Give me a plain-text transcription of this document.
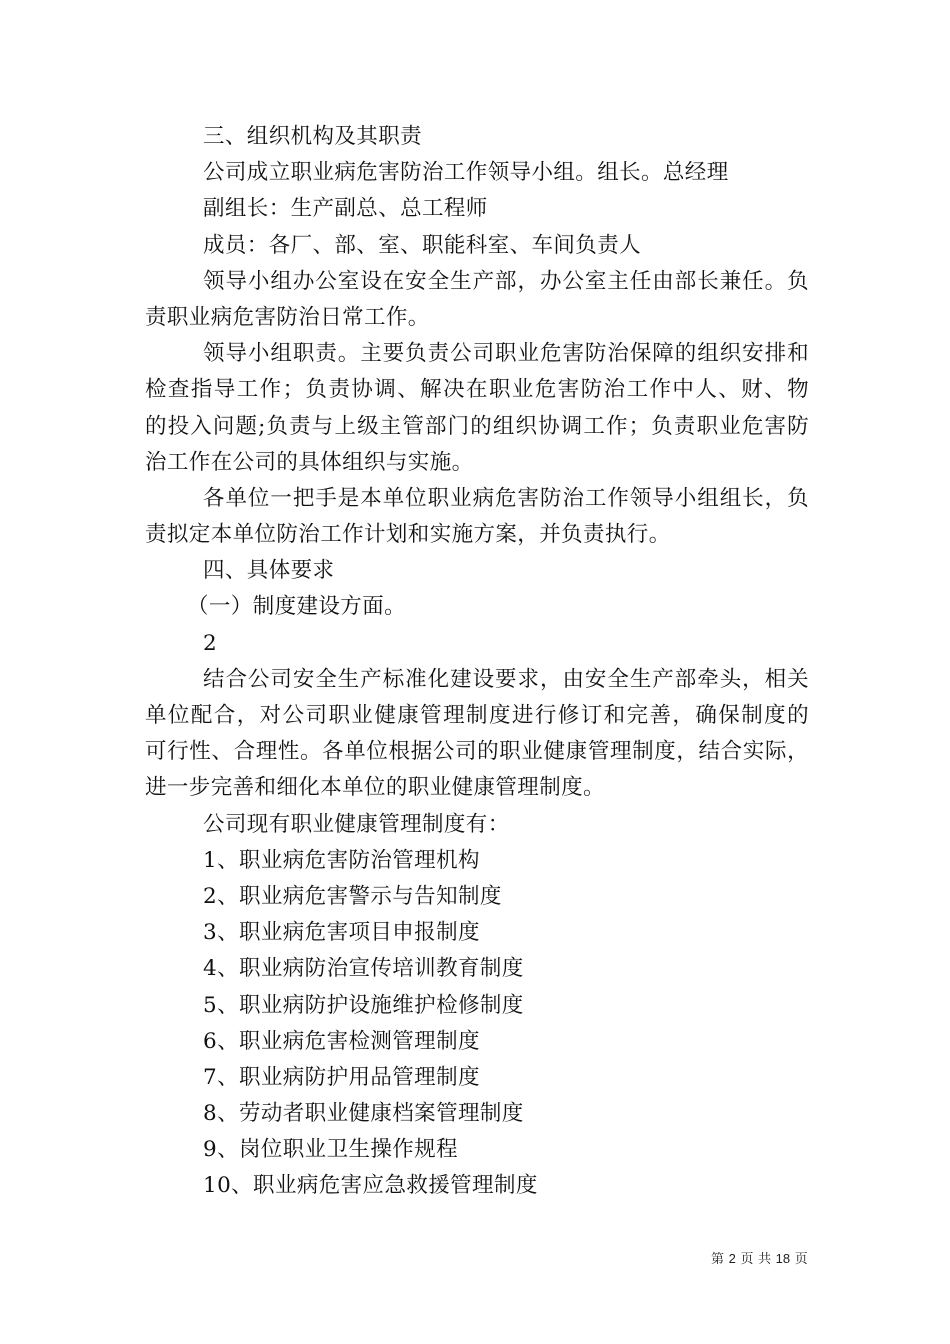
三、组织机构及其职责
公司成立职业病危害防治工作领导小组。组长。总经理
副组长：生产副总、总工程师
成员：各厂、部、室、职能科室、车间负责人
领导小组办公室设在安全生产部，办公室主任由部长兼任。负
责职业病危害防治日常工作。
领导小组职责。主要负责公司职业危害防治保障的组织安排和
检查指导工作；负责协调、解决在职业危害防治工作中人、财、物
的投入问题;负责与上级主管部门的组织协调工作；负责职业危害防
治工作在公司的具体组织与实施。
各单位一把手是本单位职业病危害防治工作领导小组组长，负
责拟定本单位防治工作计划和实施方案，并负责执行。
四、具体要求
（一）制度建设方面。
2
结合公司安全生产标准化建设要求，由安全生产部牵头，相关
单位配合，对公司职业健康管理制度进行修订和完善，确保制度的
可行性、合理性。各单位根据公司的职业健康管理制度，结合实际，
进一步完善和细化本单位的职业健康管理制度。
公司现有职业健康管理制度有：
1、职业病危害防治管理机构
2、职业病危害警示与告知制度
3、职业病危害项目申报制度
4、职业病防治宣传培训教育制度
5、职业病防护设施维护检修制度
6、职业病危害检测管理制度
7、职业病防护用品管理制度
8、劳动者职业健康档案管理制度
9、岗位职业卫生操作规程
10、职业病危害应急救援管理制度
第 2 页 共 18 页
